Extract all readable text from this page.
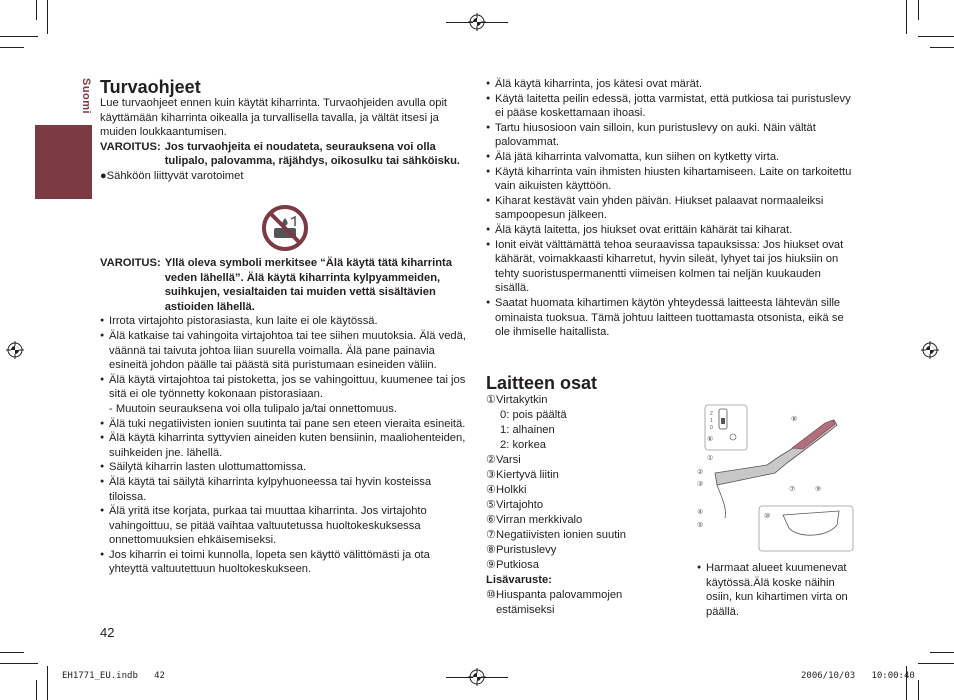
Suomi Turvaohjeet

Lue turvaohjeet ennen kuin käytät kiharrinta. Turvaohjeiden avulla opit käyttämään kiharrinta oikealla ja turvallisella tavalla, ja vältät itsesi ja muiden loukkaantumisen.

VAROITUS: Jos turvaohjeita ei noudateta, seurauksena voi olla tulipalo, palovamma, räjähdys, oikosulku tai sähköisku.

●Sähköön liittyvät varotoimet

VAROITUS: Yllä oleva symboli merkitsee “Älä käytä tätä kiharrinta veden lähellä”. Älä käytä kiharrinta kylpyammeiden, suihkujen, vesialtaiden tai muiden vettä sisältävien astioiden lähellä.

● Irrota virtajohto pistorasiasta, kun laite ei ole käytössä.

● Älä katkaise tai vahingoita virtajohtoa tai tee siihen muutoksia. Älä vedä, väännä tai taivuta johtoa liian suurella voimalla. Älä pane painavia esineitä johdon päälle tai päästä sitä puristumaan esineiden väliin.

● Älä käytä virtajohtoa tai pistoketta, jos se vahingoittuu, kuumenee tai jos sitä ei ole työnnetty kokonaan pistorasiaan.

- Muutoin seurauksena voi olla tulipalo ja/tai onnettomuus.

● Älä tuki negatiivisten ionien suutinta tai pane sen eteen vieraita esineitä.

● Älä käytä kiharrinta syttyvien aineiden kuten bensiinin, maaliohenteiden, suihkeiden jne. lähellä.

● Säilytä kiharrin lasten ulottumattomissa.

● Älä käytä tai säilytä kiharrinta kylpyhuoneessa tai hyvin kosteissa tiloissa.

● Älä yritä itse korjata, purkaa tai muuttaa kiharrinta. Jos virtajohto vahingoittuu, se pitää vaihtaa valtuutetussa huoltokeskuksessa onnettomuuksien ehkäisemiseksi.

● Jos kiharrin ei toimi kunnolla, lopeta sen käyttö välittömästi ja ota yhteyttä valtuutettuun huoltokeskukseen.

42

● Älä käytä kiharrinta, jos kätesi ovat märät.

● Käytä laitetta peilin edessä, jotta varmistat, että putkiosa tai puristuslevy ei pääse koskettamaan ihoasi.

● Tartu hiusosioon vain silloin, kun puristuslevy on auki. Näin vältät palovammat.

● Älä jätä kiharrinta valvomatta, kun siihen on kytketty virta.

● Käytä kiharrinta vain ihmisten hiusten kihartamiseen. Laite on tarkoitettu vain aikuisten käyttöön.

● Kiharat kestävät vain yhden päivän. Hiukset palaavat normaaleiksi sampoopesun jälkeen.

● Älä käytä laitetta, jos hiukset ovat erittäin kähärät tai kiharat.

● Ionit eivät välttämättä tehoa seuraavissa tapauksissa: Jos hiukset ovat kähärät, voimakkaasti kiharretut, hyvin sileät, lyhyet tai jos hiuksiin on tehty suoristuspermanentti viimeisen kolmen tai neljän kuukauden sisällä.

● Saatat huomata kihartimen käytön yhteydessä laitteesta lähtevän sille ominaista tuoksua. Tämä johtuu laitteen tuottamasta otsonista, eikä se ole ihmiselle haitallista.

Laitteen osat

①Virtakytkin

0: pois päältä

1: alhainen

2: korkea

②Varsi

③Kiertyvä liitin

④Holkki

⑤Virtajohto

⑥Virran merkkivalo

⑦Negatiivisten ionien suutin

⑧Puristuslevy

⑨Putkiosa

Lisävaruste:

⑩ Hiuspanta palovammojen estämiseksi

2
1
0
①
⑥
⑧
②
③
④
⑤
⑦	⑨
⑩

● Harmaat alueet kuumenevat käytössä.Älä koske näihin osiin, kun kihartimen virta on päällä.

EH1771_EU.indb   42	2006/10/03   10:00:40
